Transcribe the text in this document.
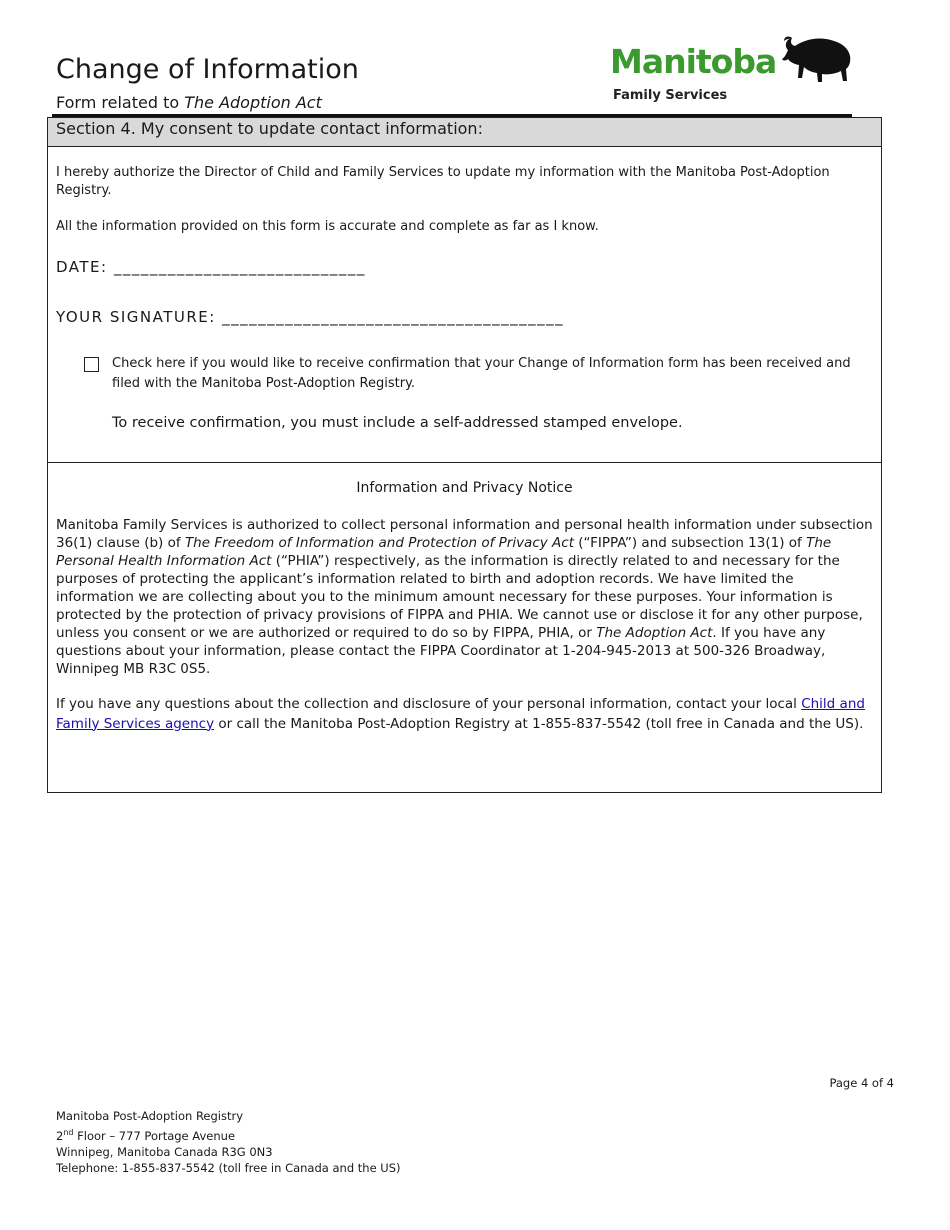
Change of Information
Form related to The Adoption Act
Manitoba
Family Services
Section 4. My consent to update contact information:
I hereby authorize the Director of Child and Family Services to update my information with the Manitoba Post-Adoption Registry.
All the information provided on this form is accurate and complete as far as I know.
DATE: ____________________________
YOUR SIGNATURE: ______________________________________
Check here if you would like to receive confirmation that your Change of Information form has been received and filed with the Manitoba Post-Adoption Registry.
To receive confirmation, you must include a self-addressed stamped envelope.
Information and Privacy Notice
Manitoba Family Services is authorized to collect personal information and personal health information under subsection 36(1) clause (b) of The Freedom of Information and Protection of Privacy Act (“FIPPA”) and subsection 13(1) of The Personal Health Information Act (“PHIA”) respectively, as the information is directly related to and necessary for the purposes of protecting the applicant’s information related to birth and adoption records. We have limited the information we are collecting about you to the minimum amount necessary for these purposes. Your information is protected by the protection of privacy provisions of FIPPA and PHIA. We cannot use or disclose it for any other purpose, unless you consent or we are authorized or required to do so by FIPPA, PHIA, or The Adoption Act. If you have any questions about your information, please contact the FIPPA Coordinator at 1-204-945-2013 at 500-326 Broadway, Winnipeg MB R3C 0S5.
If you have any questions about the collection and disclosure of your personal information, contact your local Child and Family Services agency or call the Manitoba Post-Adoption Registry at 1-855-837-5542 (toll free in Canada and the US).
Page 4 of 4
Manitoba Post-Adoption Registry
2nd Floor – 777 Portage Avenue
Winnipeg, Manitoba Canada R3G 0N3
Telephone: 1-855-837-5542 (toll free in Canada and the US)
